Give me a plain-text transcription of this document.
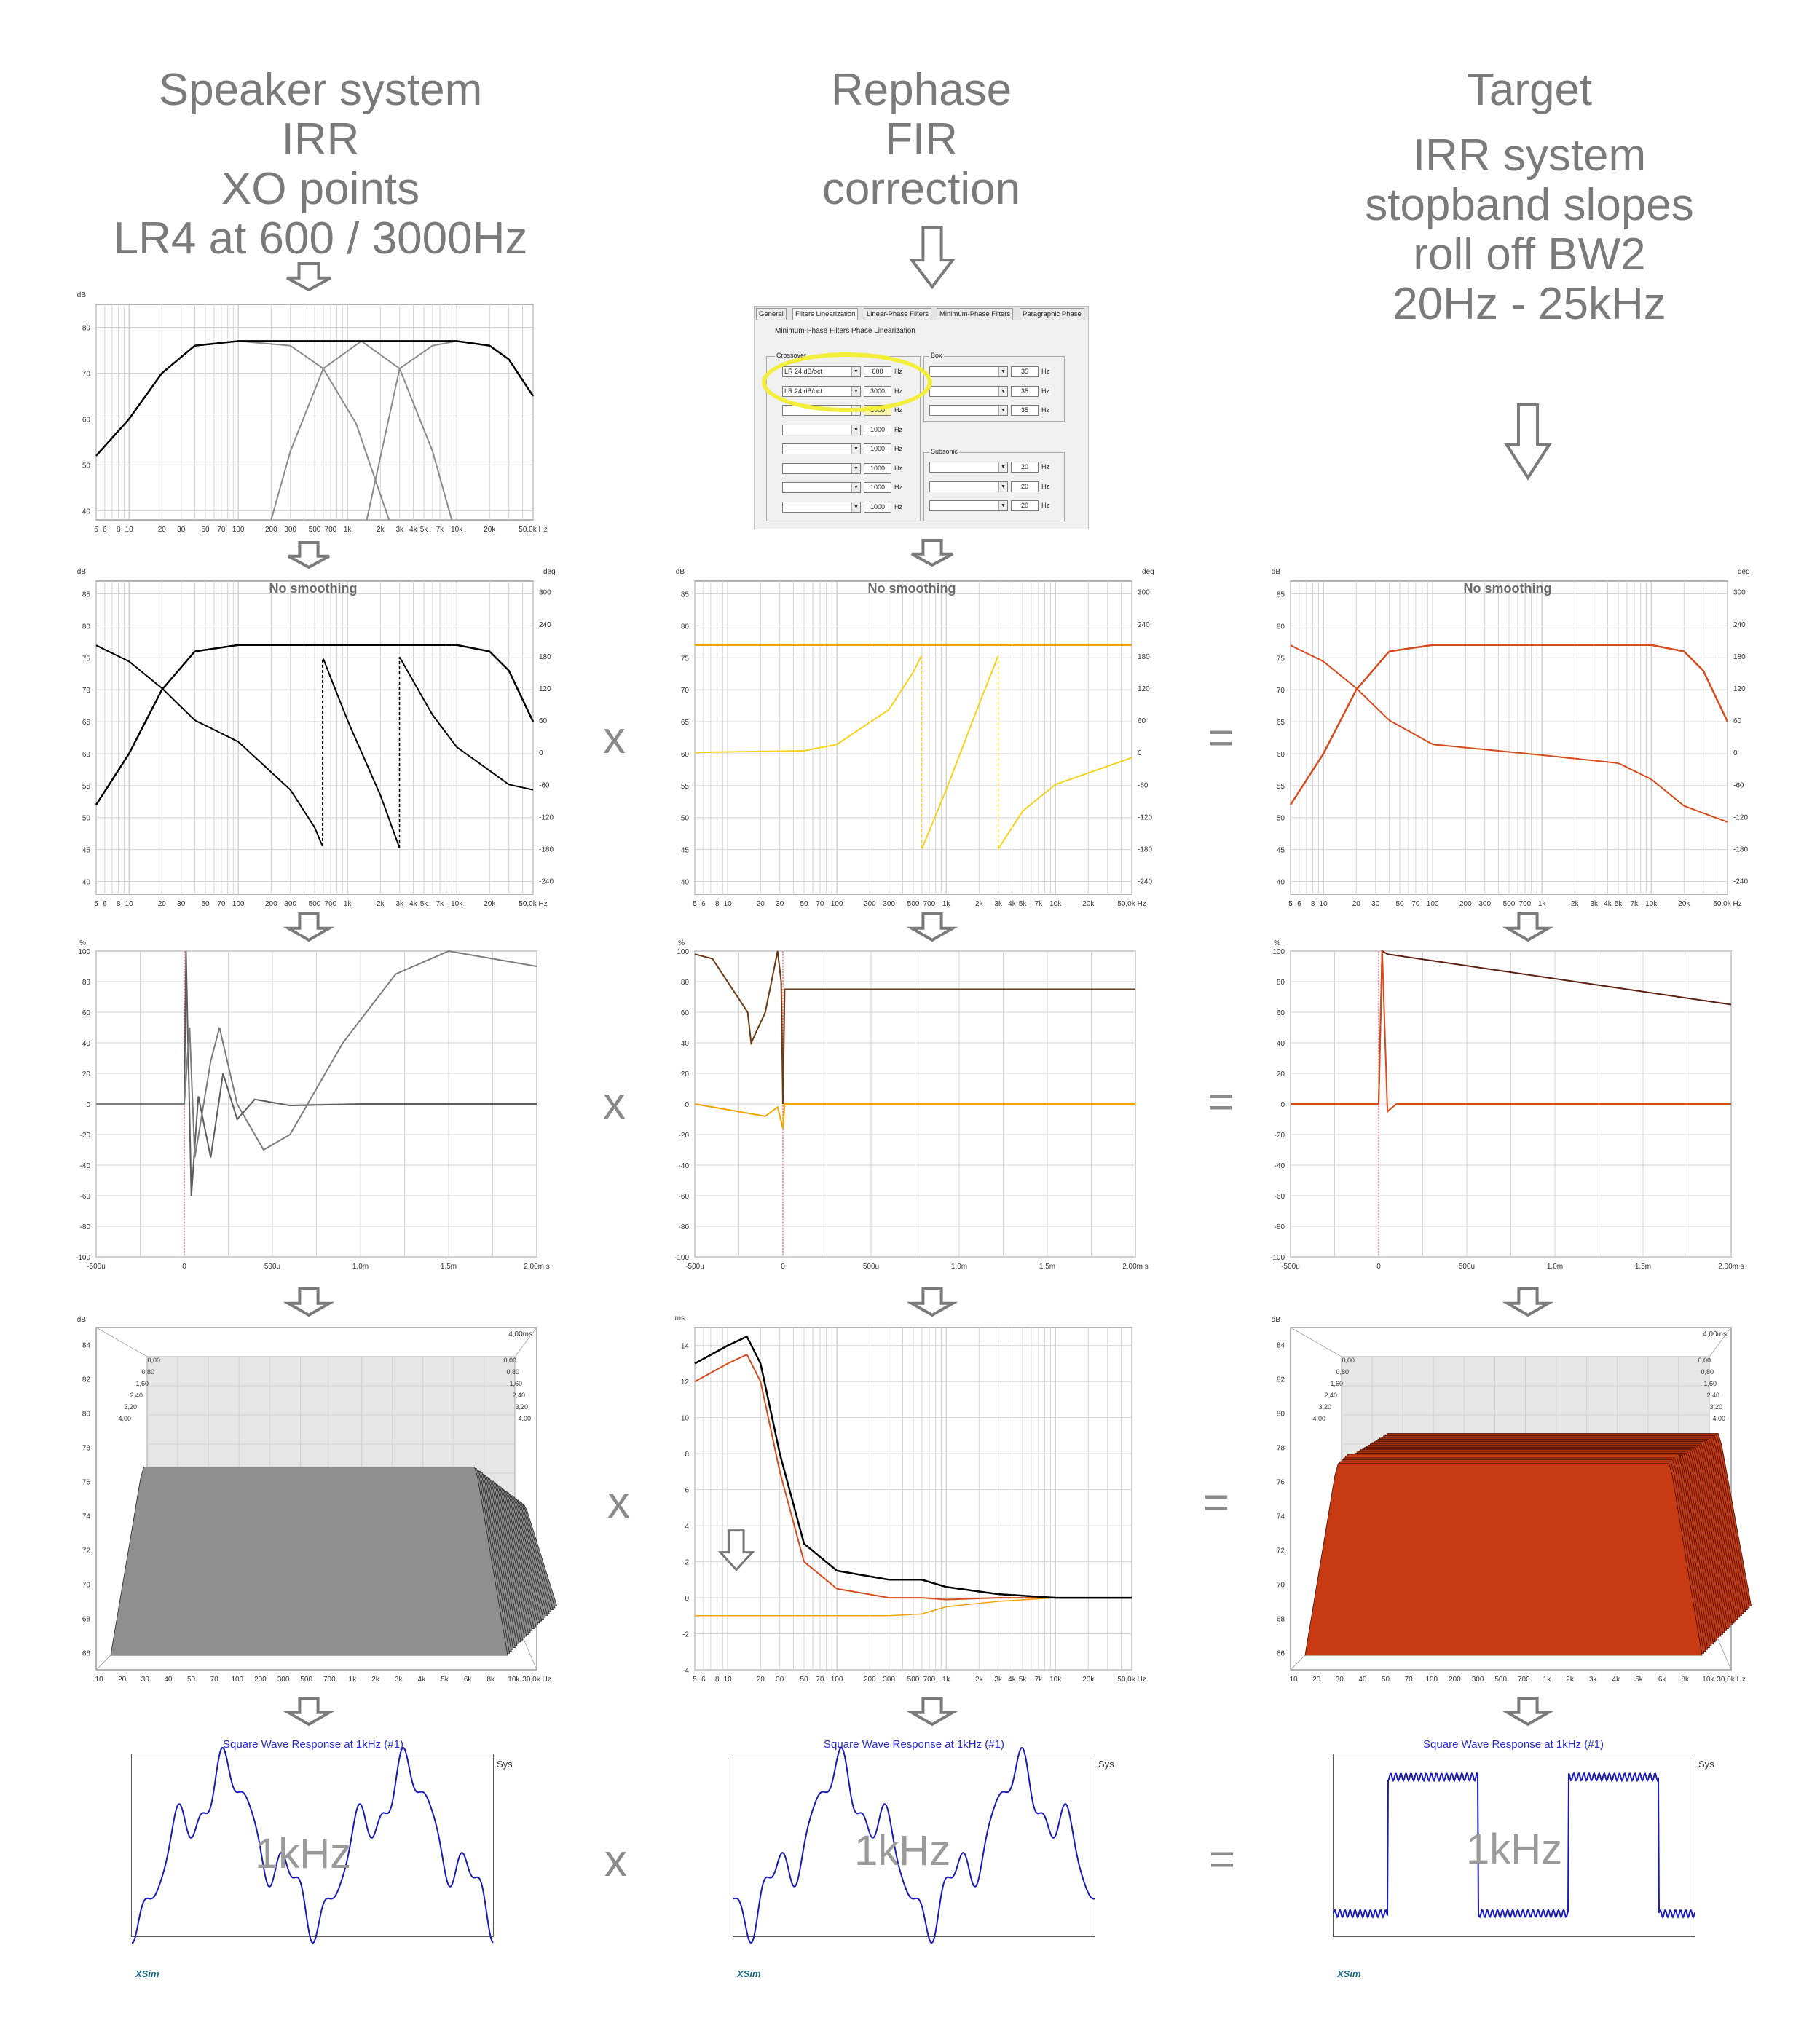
Speaker system
IRR
XO points
LR4 at 600 / 3000Hz
Rephase
FIR
correction
Target
IRR system
stopband slopes
roll off BW2
20Hz - 25kHz
40
50
60
70
80
dB
5 6 8 10	20 30 50 70 100	200 300 500 700 1k	2k 3k 4k 5k 7k 10k	20k	50,0k Hz
General	Filters Linearization	Linear-Phase Filters	Minimum-Phase Filters	Paragraphic Phase
Minimum-Phase Filters Phase Linearization
Crossover	Box
Subsonic
LR 24 dB/oct	▼	600	Hz
LR 24 dB/oct	▼	3000	Hz
▼	1000	Hz
▼	1000	Hz
▼	1000	Hz
▼	1000	Hz
▼	1000	Hz
▼	1000	Hz
▼	35	Hz
▼	35	Hz
▼	35	Hz
▼	20	Hz
▼	20	Hz
▼	20	Hz
40
45
50
55
60
65
70
75
80
85
-240
-180
-120
-60
0
60
120
180
240
300
deg
dB
5 6 8 10	20 30 50 70 100	200 300 500 700 1k	2k 3k 4k 5k 7k 10k	20k	50,0k Hz
No smoothing
x
40
45
50
55
60
65
70
75
80
85
-240
-180
-120
-60
0
60
120
180
240
300
deg
dB
5 6 8 10	20 30 50 70 100	200 300 500 700 1k	2k 3k 4k 5k 7k 10k	20k	50,0k Hz
No smoothing
=
40
45
50
55
60
65
70
75
80
85
-240
-180
-120
-60
0
60
120
180
240
300
deg
dB
5 6 8 10	20 30 50 70 100	200 300 500 700 1k	2k 3k 4k 5k 7k 10k	20k	50,0k Hz
No smoothing
-100
-80
-60
-40
-20
0
20
40
60
80
100
-500u	0	500u	1,0m	1,5m	2,00m s
%
x
-100
-80
-60
-40
-20
0
20
40
60
80
100
-500u	0	500u	1,0m	1,5m	2,00m s
%
=
-100
-80
-60
-40
-20
0
20
40
60
80
100
-500u	0	500u	1,0m	1,5m	2,00m s
%
66
68
70
72
74
76
78
80
82
84
dB
4,00ms
0,00
0,80
1,60
2,40
3,20
4,00
0,00
0,80
1,60
2,40
3,20
4,00
10 20 30 40 50 70 100 200 300 500 700 1k 2k 3k 4k 5k 6k 8k 10k 30,0k Hz
x
-4
-2
0
2
4
6
8
10
12
14
ms
5 6 8 10	20 30 50 70 100	200 300 500 700 1k	2k 3k 4k 5k 7k 10k	20k	50,0k Hz
=
66
68
70
72
74
76
78
80
82
84
dB
4,00ms
0,00
0,80
1,60
2,40
3,20
4,00
0,00
0,80
1,60
2,40
3,20
4,00
10 20 30 40 50 70 100 200 300 500 700 1k 2k 3k 4k 5k 6k 8k 10k 30,0k Hz
Square Wave Response at 1kHz (#1)
1kHz
Sys
XSim
x
Square Wave Response at 1kHz (#1)
1kHz
Sys
XSim
=
Square Wave Response at 1kHz (#1)
1kHz
Sys
XSim
